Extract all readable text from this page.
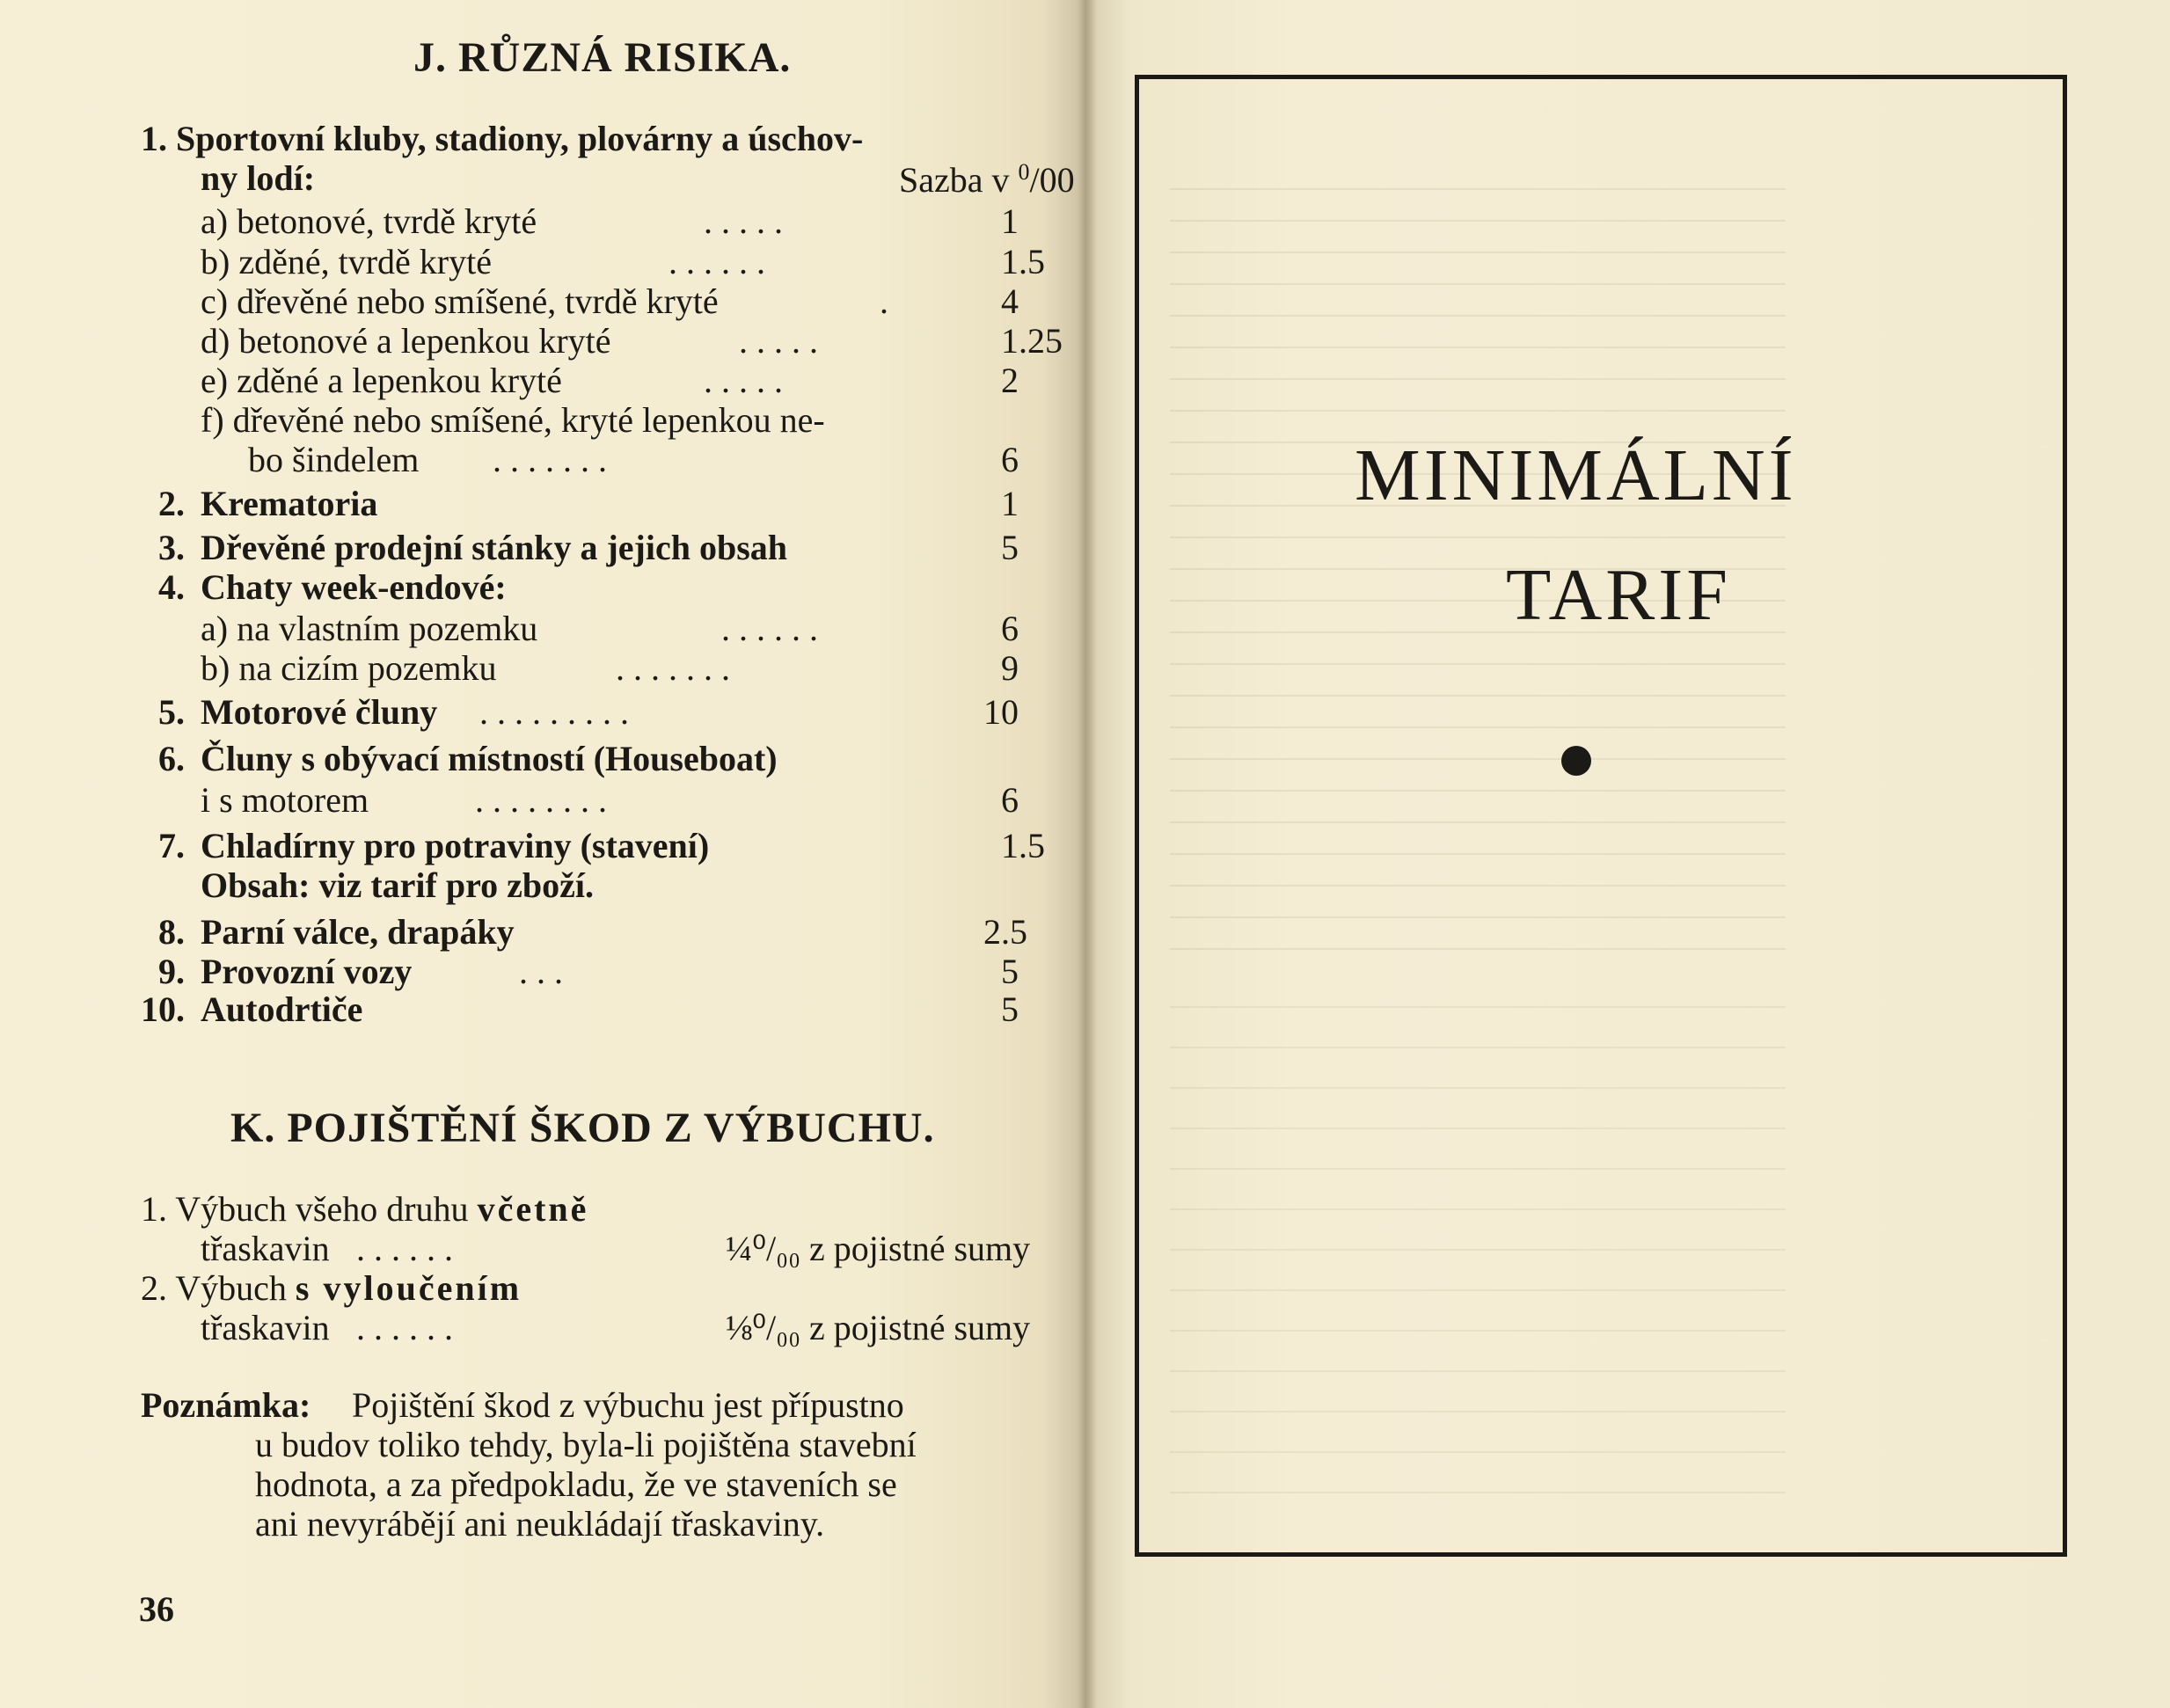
J. RŮZNÁ RISIKA.
1. Sportovní kluby, stadiony, plovárny a úschov-
ny lodí:	Sazba v $^0$/00
a) betonové, tvrdě kryté	. . . . .	1
b) zděné, tvrdě kryté	. . . . . .	1.5
c) dřevěné nebo smíšené, tvrdě kryté	.	4
d) betonové a lepenkou kryté	. . . . .	1.25
e) zděné a lepenkou kryté	. . . . .	2
f) dřevěné nebo smíšené, kryté lepenkou ne-
bo šindelem . . . . . . .	6
2. Krematoria	1
3. Dřevěné prodejní stánky a jejich obsah	5
4. Chaty week-endové:
a) na vlastním pozemku	. . . . . .	6
b) na cizím pozemku	. . . . . . .	9
5. Motorové čluny . . . . . . . . .	10
6. Čluny s obývací místností (Houseboat)
i s motorem	. . . . . . . .	6
7. Chladírny pro potraviny (stavení)	1.5
Obsah: viz tarif pro zboží.
8. Parní válce, drapáky	2.5
9. Provozní vozy	. . .	5
10. Autodrtiče	5
K. POJIŠTĚNÍ ŠKOD Z VÝBUCHU.
1. Výbuch všeho druhu včetně
třaskavin . . . . . .	¼⁰/₀₀ z pojistné sumy
2. Výbuch s vyloučením
třaskavin . . . . . .	⅛⁰/₀₀ z pojistné sumy
Poznámka: Pojištění škod z výbuchu jest přípustno
u budov toliko tehdy, byla-li pojištěna stavební
hodnota, a za předpokladu, že ve staveních se
ani nevyrábějí ani neukládají třaskaviny.
36
MINIMÁLNÍ
TARIF
